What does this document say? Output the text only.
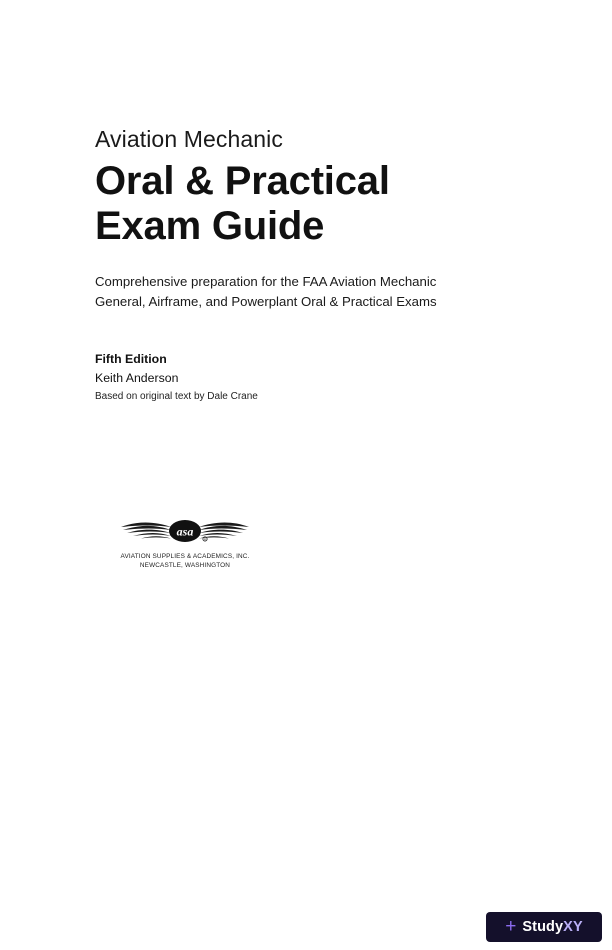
Aviation Mechanic

Oral & Practical
Exam Guide
Comprehensive preparation for the FAA Aviation Mechanic
General, Airframe, and Powerplant Oral & Practical Exams

Fifth Edition

Keith Anderson

Based on original text by Dale Crane

asa
R

AVIATION SUPPLIES & ACADEMICS, INC.

NEWCASTLE, WASHINGTON

+ StudyXY
